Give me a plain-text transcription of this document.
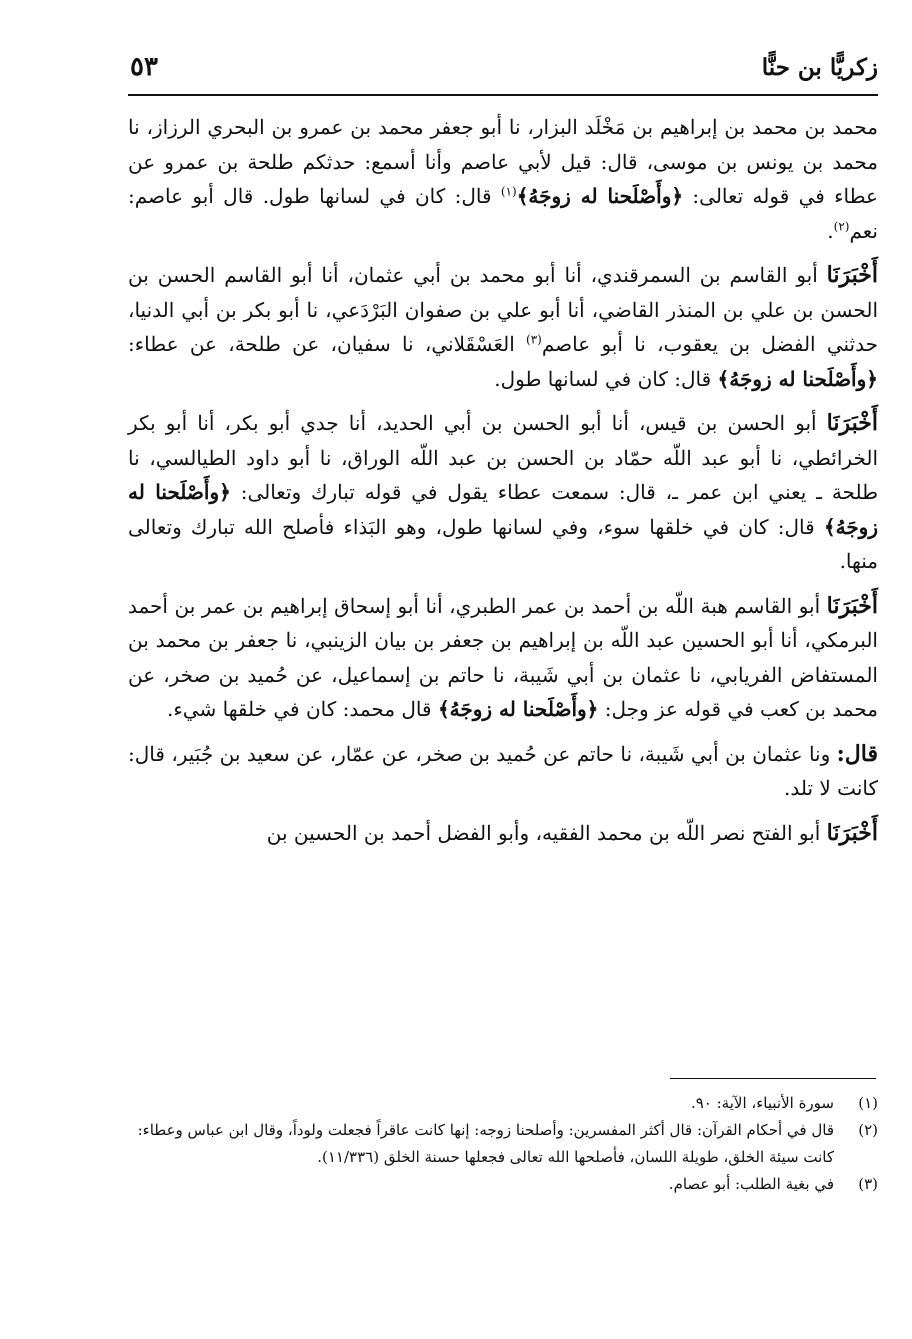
زكريًّا بن حنًّا
٥٣

محمد بن محمد بن إبراهيم بن مَخْلَد البزار، نا أبو جعفر محمد بن عمرو بن البحري الرزاز، نا محمد بن يونس بن موسى، قال: قيل لأبي عاصم وأنا أسمع: حدثكم طلحة بن عمرو عن عطاء في قوله تعالى: ﴿وأَصْلَحنا له زوجَهُ﴾$^{(١)}$ قال: كان في لسانها طول. قال أبو عاصم: نعم$^{(٢)}$.

أَخْبَرَنَا أبو القاسم بن السمرقندي، أنا أبو محمد بن أبي عثمان، أنا أبو القاسم الحسن بن الحسن بن علي بن المنذر القاضي، أنا أبو علي بن صفوان البَرْدَعي، نا أبو بكر بن أبي الدنيا، حدثني الفضل بن يعقوب، نا أبو عاصم$^{(٣)}$ العَسْقَلاني، نا سفيان، عن طلحة، عن عطاء: ﴿وأَصْلَحنا له زوجَهُ﴾ قال: كان في لسانها طول.

أَخْبَرَنَا أبو الحسن بن قيس، أنا أبو الحسن بن أبي الحديد، أنا جدي أبو بكر، أنا أبو بكر الخرائطي، نا أبو عبد اللّه حمّاد بن الحسن بن عبد اللّه الوراق، نا أبو داود الطيالسي، نا طلحة ـ يعني ابن عمر ـ، قال: سمعت عطاء يقول في قوله تبارك وتعالى: ﴿وأَصْلَحنا له زوجَهُ﴾ قال: كان في خلقها سوء، وفي لسانها طول، وهو البَذاء فأصلح الله تبارك وتعالى منها.

أَخْبَرَنَا أبو القاسم هبة اللّه بن أحمد بن عمر الطبري، أنا أبو إسحاق إبراهيم بن عمر بن أحمد البرمكي، أنا أبو الحسين عبد اللّه بن إبراهيم بن جعفر بن بيان الزينبي، نا جعفر بن محمد بن المستفاض الفريابي، نا عثمان بن أبي شَيبة، نا حاتم بن إسماعيل، عن حُميد بن صخر، عن محمد بن كعب في قوله عز وجل: ﴿وأَصْلَحنا له زوجَهُ﴾ قال محمد: كان في خلقها شيء.

قال: ونا عثمان بن أبي شَيبة، نا حاتم عن حُميد بن صخر، عن عمّار، عن سعيد بن جُبَير، قال: كانت لا تلد.

أَخْبَرَنَا أبو الفتح نصر اللّه بن محمد الفقيه، وأبو الفضل أحمد بن الحسين بن

(١)
سورة الأنبياء، الآية: ٩٠.

(٢)
قال في أحكام القرآن: قال أكثر المفسرين: وأصلحنا زوجه: إنها كانت عاقراً فجعلت ولوداً، وقال ابن عباس وعطاء: كانت سيئة الخلق، طويلة اللسان، فأصلحها الله تعالى فجعلها حسنة الخلق (١١/٣٣٦).

(٣)
في بغية الطلب: أبو عصام.
